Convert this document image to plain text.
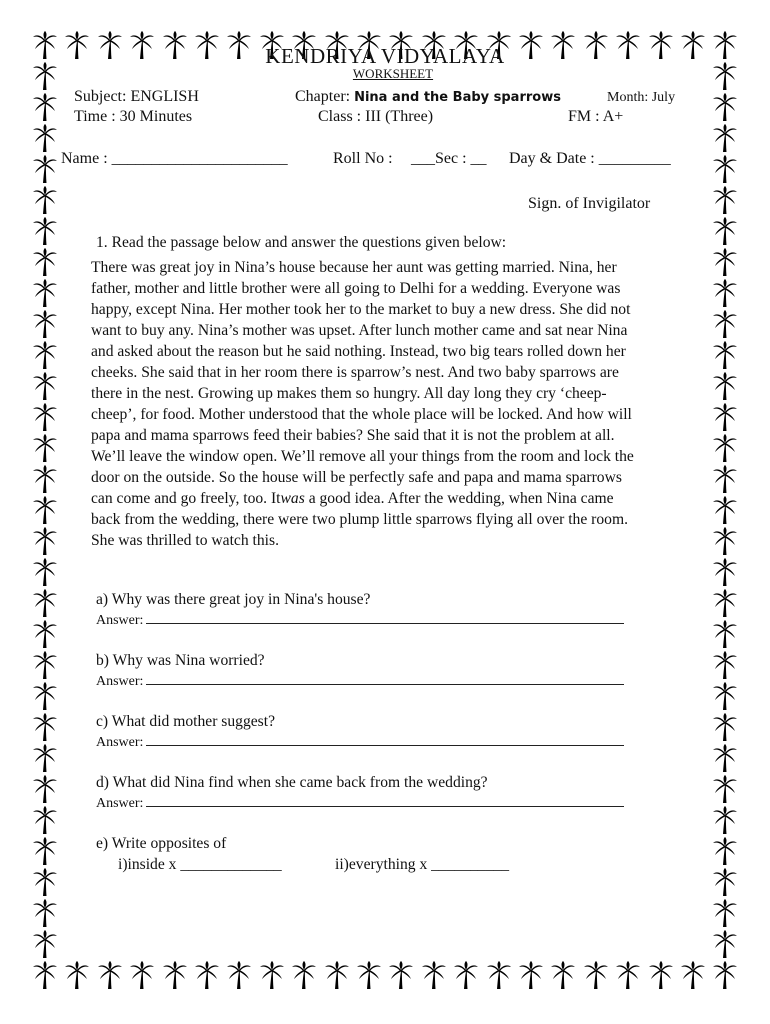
KENDRIYA VIDYALAYA
WORKSHEET
Subject: ENGLISH
Time : 30 Minutes
Chapter: Nina and the Baby sparrows
Class : III (Three)
Month: July
FM : A+
Name : ______________________	Roll No : ___Sec : __ Day & Date : _________
Sign. of Invigilator
1. Read the passage below and answer the questions given below:
There was great joy in Nina’s house because her aunt was getting married. Nina, her
father, mother and little brother were all going to Delhi for a wedding. Everyone was
happy, except Nina. Her mother took her to the market to buy a new dress. She did not
want to buy any. Nina’s mother was upset. After lunch mother came and sat near Nina
and asked about the reason but he said nothing. Instead, two big tears rolled down her
cheeks. She said that in her room there is sparrow’s nest. And two baby sparrows are
there in the nest. Growing up makes them so hungry. All day long they cry ‘cheep-
cheep’, for food. Mother understood that the whole place will be locked. And how will
papa and mama sparrows feed their babies? She said that it is not the problem at all.
We’ll leave the window open. We’ll remove all your things from the room and lock the
door on the outside. So the house will be perfectly safe and papa and mama sparrows
can come and go freely, too. Itwas a good idea. After the wedding, when Nina came
back from the wedding, there were two plump little sparrows flying all over the room.
She was thrilled to watch this.
a) Why was there great joy in Nina's house?
Answer:
b) Why was Nina worried?
Answer:
c) What did mother suggest?
Answer:
d) What did Nina find when she came back from the wedding?
Answer:
e) Write opposites of
i)inside x _____________	ii)everything x __________
